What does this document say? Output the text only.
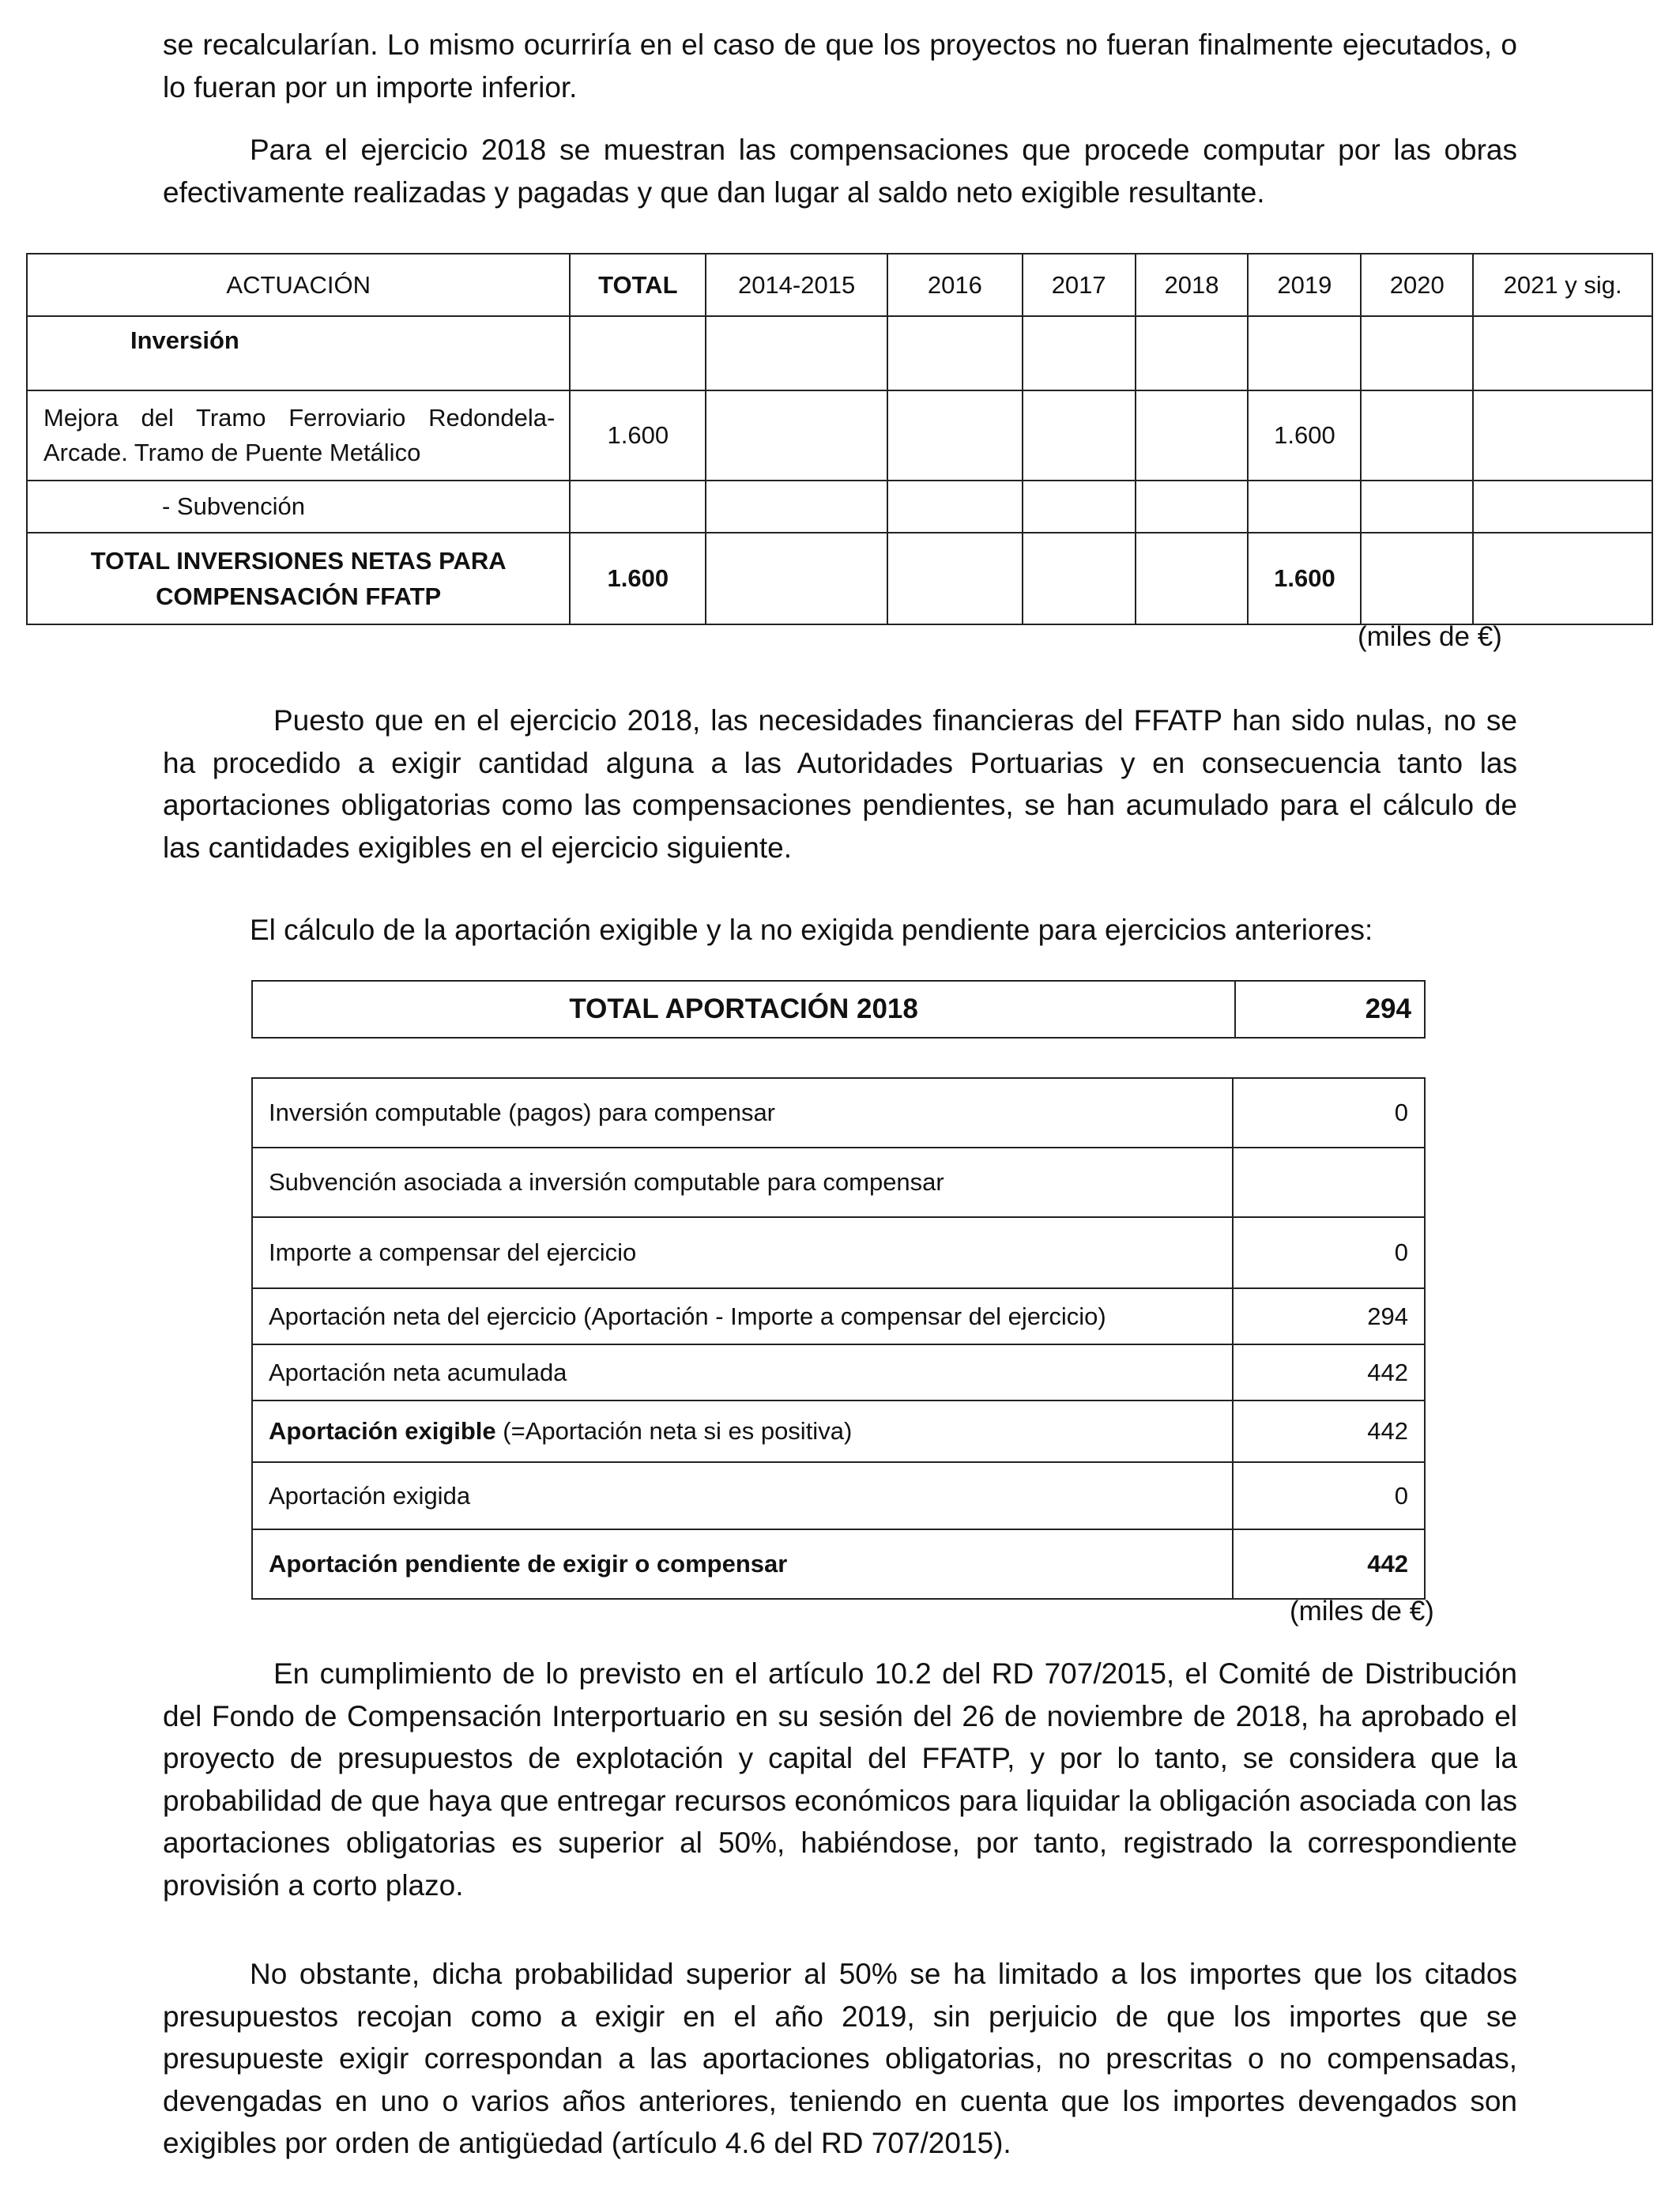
se recalcularían. Lo mismo ocurriría en el caso de que los proyectos no fueran finalmente ejecutados, o lo fueran por un importe inferior.

Para el ejercicio 2018 se muestran las compensaciones que procede computar por las obras efectivamente realizadas y pagadas y que dan lugar al saldo neto exigible resultante.

ACTUACIÓN	TOTAL	2014-2015	2016	2017	2018	2019	2020	2021 y sig.
Inversión								
Mejora del Tramo Ferroviario Redondela-Arcade. Tramo de Puente Metálico	1.600					1.600		
- Subvención								
TOTAL INVERSIONES NETAS PARA COMPENSACIÓN FFATP	1.600					1.600		
(miles de €)

Puesto que en el ejercicio 2018, las necesidades financieras del FFATP han sido nulas, no se ha procedido a exigir cantidad alguna a las Autoridades Portuarias y en consecuencia tanto las aportaciones obligatorias como las compensaciones pendientes, se han acumulado para el cálculo de las cantidades exigibles en el ejercicio siguiente.

El cálculo de la aportación exigible y la no exigida pendiente para ejercicios anteriores:

TOTAL APORTACIÓN 2018	294
Inversión computable (pagos) para compensar	0
Subvención asociada a inversión computable para compensar	
Importe a compensar del ejercicio	0
Aportación neta del ejercicio (Aportación - Importe a compensar del ejercicio)	294
Aportación neta acumulada	442
Aportación exigible (=Aportación neta si es positiva)	442
Aportación exigida	0
Aportación pendiente de exigir o compensar	442
(miles de €)

En cumplimiento de lo previsto en el artículo 10.2 del RD 707/2015, el Comité de Distribución del Fondo de Compensación Interportuario en su sesión del 26 de noviembre de 2018, ha aprobado el proyecto de presupuestos de explotación y capital del FFATP, y por lo tanto, se considera que la probabilidad de que haya que entregar recursos económicos para liquidar la obligación asociada con las aportaciones obligatorias es superior al 50%, habiéndose, por tanto, registrado la correspondiente provisión a corto plazo.

No obstante, dicha probabilidad superior al 50% se ha limitado a los importes que los citados presupuestos recojan como a exigir en el año 2019, sin perjuicio de que los importes que se presupueste exigir correspondan a las aportaciones obligatorias, no prescritas o no compensadas, devengadas en uno o varios años anteriores, teniendo en cuenta que los importes devengados son exigibles por orden de antigüedad (artículo 4.6 del RD 707/2015).
